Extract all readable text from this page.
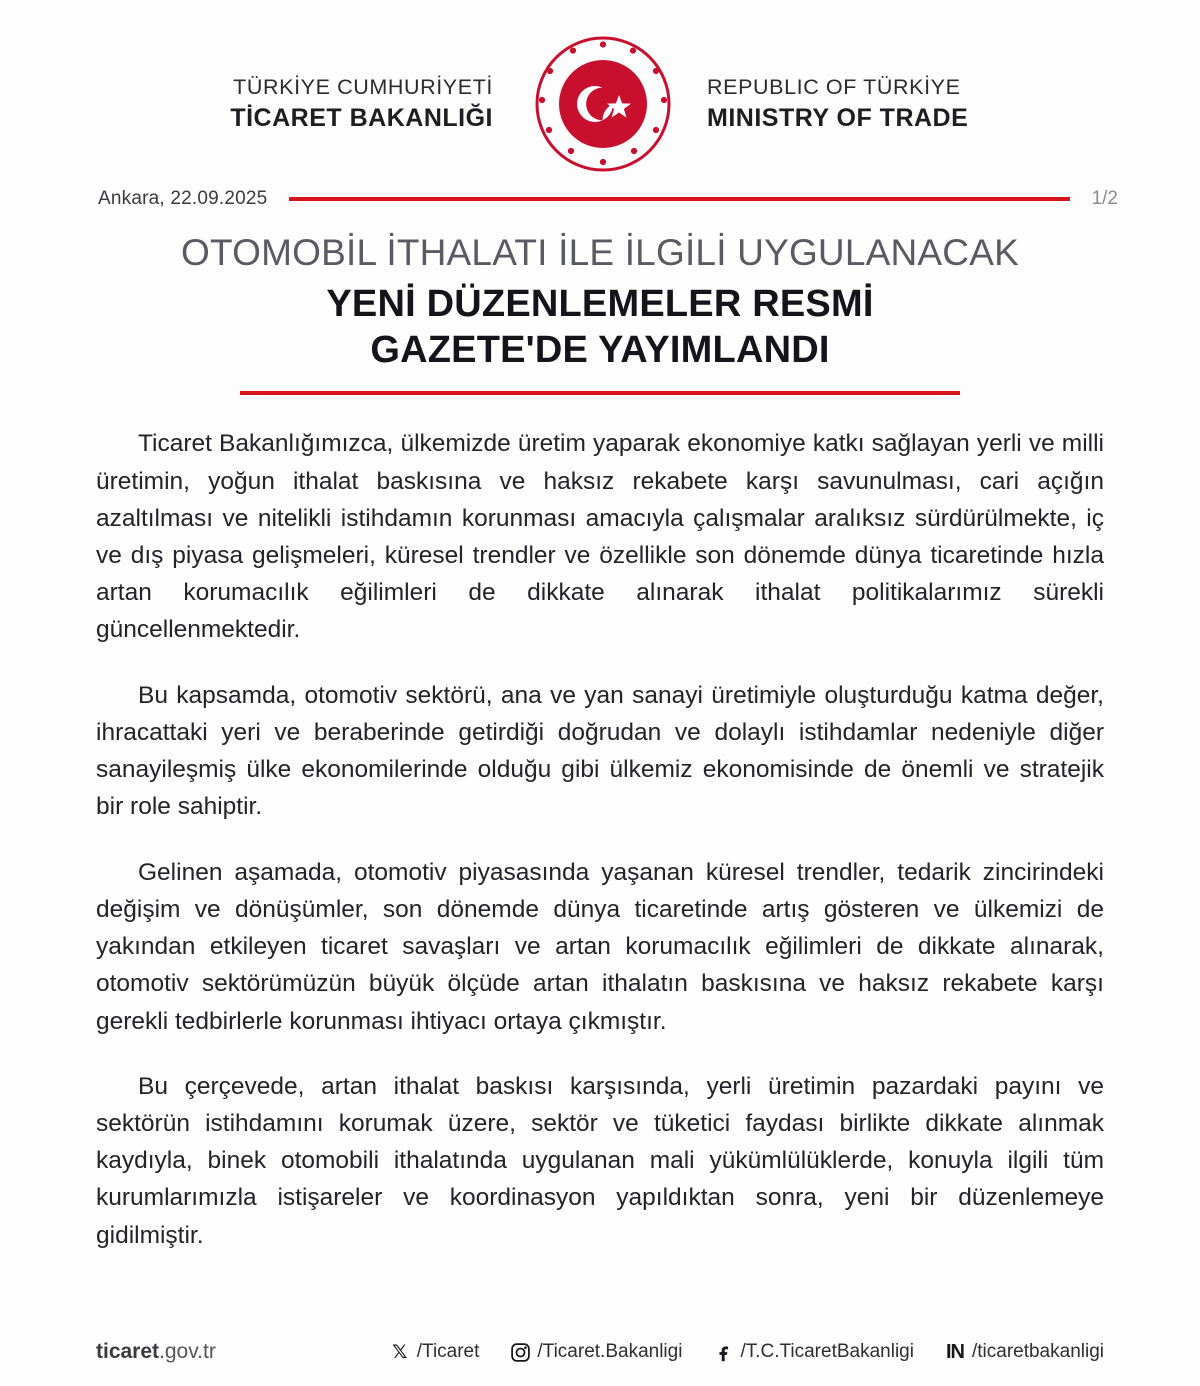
TÜRKİYE CUMHURİYETİ
TİCARET BAKANLIĞI
REPUBLIC OF TÜRKİYE
MINISTRY OF TRADE
Ankara, 22.09.2025	1/2
OTOMOBİL İTHALATI İLE İLGİLİ UYGULANACAK
YENİ DÜZENLEMELER RESMİ
GAZETE'DE YAYIMLANDI

Ticaret Bakanlığımızca, ülkemizde üretim yaparak ekonomiye katkı sağlayan yerli ve milli üretimin, yoğun ithalat baskısına ve haksız rekabete karşı savunulması, cari açığın azaltılması ve nitelikli istihdamın korunması amacıyla çalışmalar aralıksız sürdürülmekte, iç ve dış piyasa gelişmeleri, küresel trendler ve özellikle son dönemde dünya ticaretinde hızla artan korumacılık eğilimleri de dikkate alınarak ithalat politikalarımız sürekli güncellenmektedir.

Bu kapsamda, otomotiv sektörü, ana ve yan sanayi üretimiyle oluşturduğu katma değer, ihracattaki yeri ve beraberinde getirdiği doğrudan ve dolaylı istihdamlar nedeniyle diğer sanayileşmiş ülke ekonomilerinde olduğu gibi ülkemiz ekonomisinde de önemli ve stratejik bir role sahiptir.

Gelinen aşamada, otomotiv piyasasında yaşanan küresel trendler, tedarik zincirindeki değişim ve dönüşümler, son dönemde dünya ticaretinde artış gösteren ve ülkemizi de yakından etkileyen ticaret savaşları ve artan korumacılık eğilimleri de dikkate alınarak, otomotiv sektörümüzün büyük ölçüde artan ithalatın baskısına ve haksız rekabete karşı gerekli tedbirlerle korunması ihtiyacı ortaya çıkmıştır.

Bu çerçevede, artan ithalat baskısı karşısında, yerli üretimin pazardaki payını ve sektörün istihdamını korumak üzere, sektör ve tüketici faydası birlikte dikkate alınmak kaydıyla, binek otomobili ithalatında uygulanan mali yükümlülüklerde, konuyla ilgili tüm kurumlarımızla istişareler ve koordinasyon yapıldıktan sonra, yeni bir düzenlemeye gidilmiştir.

ticaret.gov.tr	𝕏 /Ticaret	/Ticaret.Bakanligi	/T.C.TicaretBakanligi IN /ticaretbakanligi
